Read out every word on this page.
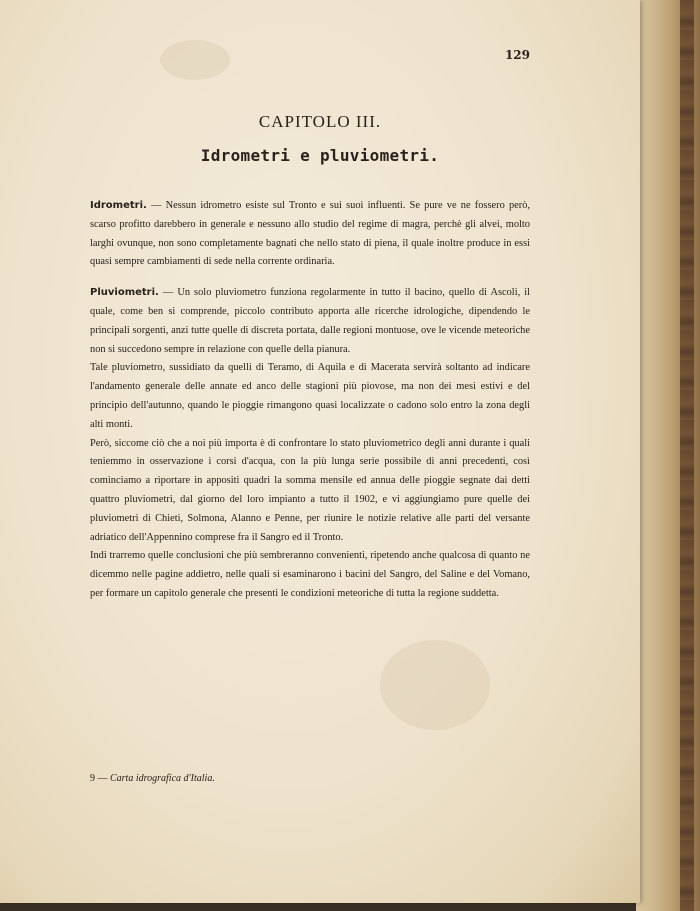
129
CAPITOLO III.
Idrometri e pluviometri.

Idrometri. — Nessun idrometro esiste sul Tronto e sui suoi influenti. Se pure ve ne fossero però, scarso profitto darebbero in generale e nessuno allo studio del regime di magra, perchè gli alvei, molto larghi ovunque, non sono completamente bagnati che nello stato di piena, il quale inoltre produce in essi quasi sempre cambiamenti di sede nella corrente ordinaria.

Pluviometri. — Un solo pluviometro funziona regolarmente in tutto il bacino, quello di Ascoli, il quale, come ben si comprende, piccolo contributo apporta alle ricerche idrologiche, dipendendo le principali sorgenti, anzi tutte quelle di discreta portata, dalle regioni montuose, ove le vicende meteoriche non si succedono sempre in relazione con quelle della pianura.

Tale pluviometro, sussidiato da quelli di Teramo, di Aquila e di Macerata servirà soltanto ad indicare l'andamento generale delle annate ed anco delle stagioni più piovose, ma non dei mesi estivi e del principio dell'autunno, quando le pioggie rimangono quasi localizzate o cadono solo entro la zona degli alti monti.

Però, siccome ciò che a noi più importa è di confrontare lo stato pluviometrico degli anni durante i quali teniemmo in osservazione i corsi d'acqua, con la più lunga serie possibile di anni precedenti, così cominciamo a riportare in appositi quadri la somma mensile ed annua delle pioggie segnate dai detti quattro pluviometri, dal giorno del loro impianto a tutto il 1902, e vi aggiungiamo pure quelle dei pluviometri di Chieti, Solmona, Alanno e Penne, per riunire le notizie relative alle parti del versante adriatico dell'Appennino comprese fra il Sangro ed il Tronto.

Indi trarremo quelle conclusioni che più sembreranno convenienti, ripetendo anche qualcosa di quanto ne dicemmo nelle pagine addietro, nelle quali si esaminarono i bacini del Sangro, del Saline e del Vomano, per formare un capitolo generale che presenti le condizioni meteoriche di tutta la regione suddetta.

9 — Carta idrografica d'Italia.
